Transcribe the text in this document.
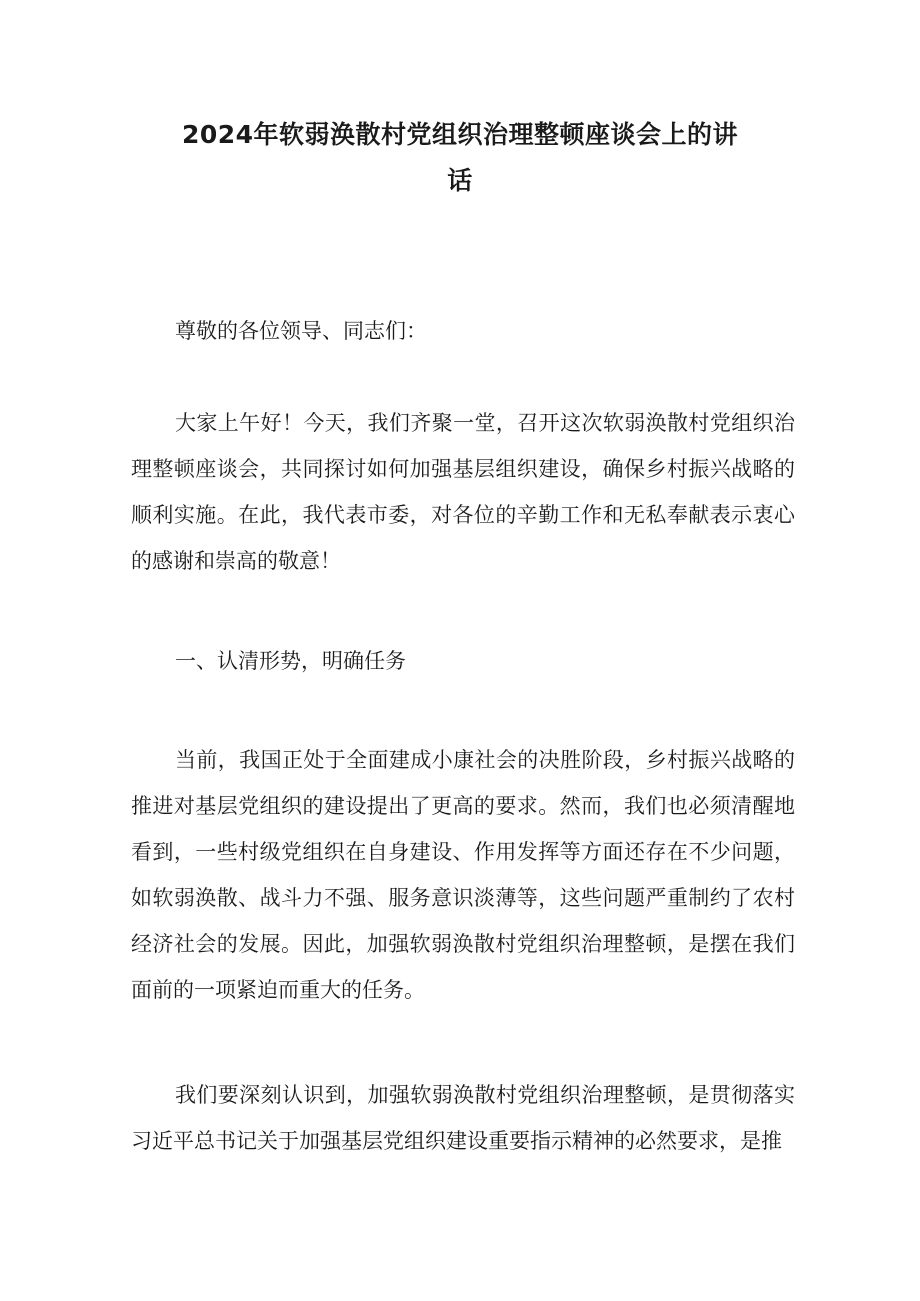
2024年软弱涣散村党组织治理整顿座谈会上的讲话

尊敬的各位领导、同志们：

大家上午好！今天，我们齐聚一堂，召开这次软弱涣散村党组织治理整顿座谈会，共同探讨如何加强基层组织建设，确保乡村振兴战略的顺利实施。在此，我代表市委，对各位的辛勤工作和无私奉献表示衷心的感谢和崇高的敬意！

一、认清形势，明确任务

当前，我国正处于全面建成小康社会的决胜阶段，乡村振兴战略的推进对基层党组织的建设提出了更高的要求。然而，我们也必须清醒地看到，一些村级党组织在自身建设、作用发挥等方面还存在不少问题，如软弱涣散、战斗力不强、服务意识淡薄等，这些问题严重制约了农村经济社会的发展。因此，加强软弱涣散村党组织治理整顿，是摆在我们面前的一项紧迫而重大的任务。

我们要深刻认识到，加强软弱涣散村党组织治理整顿，是贯彻落实习近平总书记关于加强基层党组织建设重要指示精神的必然要求，是推
